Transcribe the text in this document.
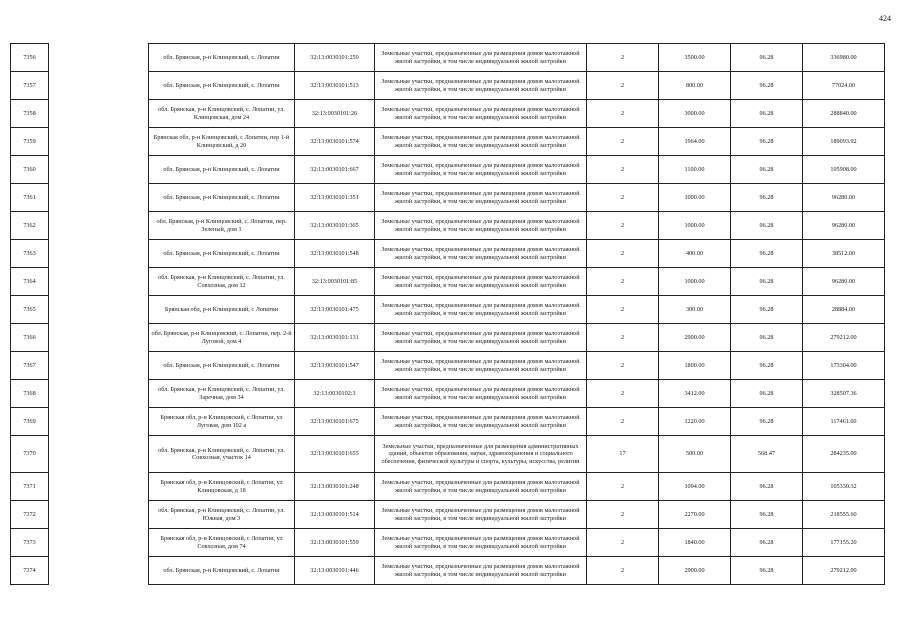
424
7356		обл. Брянская, р-н Клинцовский, с. Лопатни	32:13:0030101:250	Земельные участки, предназначенные для размещения домов малоэтажной жилой застройки, в том числе индивидуальной жилой застройки	2	3500.00	96.28	336980.00
7357		обл. Брянская, р-н Клинцовский, с. Лопатни	32:13:0030101:513	Земельные участки, предназначенные для размещения домов малоэтажной жилой застройки, в том числе индивидуальной жилой застройки	2	800.00	96.28	77024.00
7358		обл. Брянская, р-н Клинцовский, с. Лопатни, ул. Клинцовская, дом 24	32:13:0030101:26	Земельные участки, предназначенные для размещения домов малоэтажной жилой застройки, в том числе индивидуальной жилой застройки	2	3000.00	96.28	288840.00
7359		Брянская обл, р-н Клинцовский, с Лопатни, пер 1-й Клинцовский, д 20	32:13:0030101:574	Земельные участки, предназначенные для размещения домов малоэтажной жилой застройки, в том числе индивидуальной жилой застройки	2	1964.00	96.28	189093.92
7360		обл. Брянская, р-н Клинцовский, с. Лопатни	32:13:0030101:667	Земельные участки, предназначенные для размещения домов малоэтажной жилой застройки, в том числе индивидуальной жилой застройки	2	1100.00	96.28	105908.00
7361		обл. Брянская, р-н Клинцовский, с. Лопатни	32:13:0030101:351	Земельные участки, предназначенные для размещения домов малоэтажной жилой застройки, в том числе индивидуальной жилой застройки	2	1000.00	96.28	96280.00
7362		обл. Брянская, р-н Клинцовский, с. Лопатни, пер. Зеленый, дом 1	32:13:0030101:365	Земельные участки, предназначенные для размещения домов малоэтажной жилой застройки, в том числе индивидуальной жилой застройки	2	1000.00	96.28	96280.00
7363		обл. Брянская, р-н Клинцовский, с. Лопатни	32:13:0030101:548	Земельные участки, предназначенные для размещения домов малоэтажной жилой застройки, в том числе индивидуальной жилой застройки	2	400.00	96.28	38512.00
7364		обл. Брянская, р-н Клинцовский, с. Лопатни, ул. Совхозная, дом 12	32:13:0030101:85	Земельные участки, предназначенные для размещения домов малоэтажной жилой застройки, в том числе индивидуальной жилой застройки	2	1000.00	96.28	96280.00
7365		Брянская обл, р-н Клинцовский, с Лопатни	32:13:0030101:475	Земельные участки, предназначенные для размещения домов малоэтажной жилой застройки, в том числе индивидуальной жилой застройки	2	300.00	96.28	28884.00
7366		обл. Брянская, р-н Клинцовский, с. Лопатни, пер. 2-й Луговой, дом 4	32:13:0030101:131	Земельные участки, предназначенные для размещения домов малоэтажной жилой застройки, в том числе индивидуальной жилой застройки	2	2900.00	96.28	279212.00
7367		обл. Брянская, р-н Клинцовский, с. Лопатни	32:13:0030101:547	Земельные участки, предназначенные для размещения домов малоэтажной жилой застройки, в том числе индивидуальной жилой застройки	2	1800.00	96.28	173304.00
7368		обл. Брянская, р-н Клинцовский, с. Лопатни, ул. Заречная, дом 34	32:13:0030102:3	Земельные участки, предназначенные для размещения домов малоэтажной жилой застройки, в том числе индивидуальной жилой застройки	2	3412.00	96.28	328507.36
7369		Брянская обл, р-н Клинцовский, с Лопатни, ул Луговая, дом 102 а	32:13:0030101:675	Земельные участки, предназначенные для размещения домов малоэтажной жилой застройки, в том числе индивидуальной жилой застройки	2	1220.00	96.28	117461.60
7370		обл. Брянская, р-н Клинцовский, с. Лопатни, ул. Совхозная, участок 14	32:13:0030101:655	Земельные участки, предназначенные для размещения административных зданий, объектов образования, науки, здравоохранения и социального обеспечения, физической культуры и спорта, культуры, искусства, религии	17	500.00	568.47	284235.00
7371		Брянская обл, р-н Клинцовский, с Лопатни, ул Клинцовская, д 18	32:13:0030101:248	Земельные участки, предназначенные для размещения домов малоэтажной жилой застройки, в том числе индивидуальной жилой застройки	2	1094.00	96.28	105330.32
7372		обл. Брянская, р-н Клинцовский, с. Лопатни, ул. Южная, дом 3	32:13:0030101:514	Земельные участки, предназначенные для размещения домов малоэтажной жилой застройки, в том числе индивидуальной жилой застройки	2	2270.00	96.28	218555.60
7373		Брянская обл, р-н Клинцовский, с Лопатни, ул Совхозная, дом 74	32:13:0030101:559	Земельные участки, предназначенные для размещения домов малоэтажной жилой застройки, в том числе индивидуальной жилой застройки	2	1840.00	96.28	177155.20
7374		обл. Брянская, р-н Клинцовский, с. Лопатни	32:13:0030101:446	Земельные участки, предназначенные для размещения домов малоэтажной жилой застройки, в том числе индивидуальной жилой застройки	2	2900.00	96.28	279212.00
